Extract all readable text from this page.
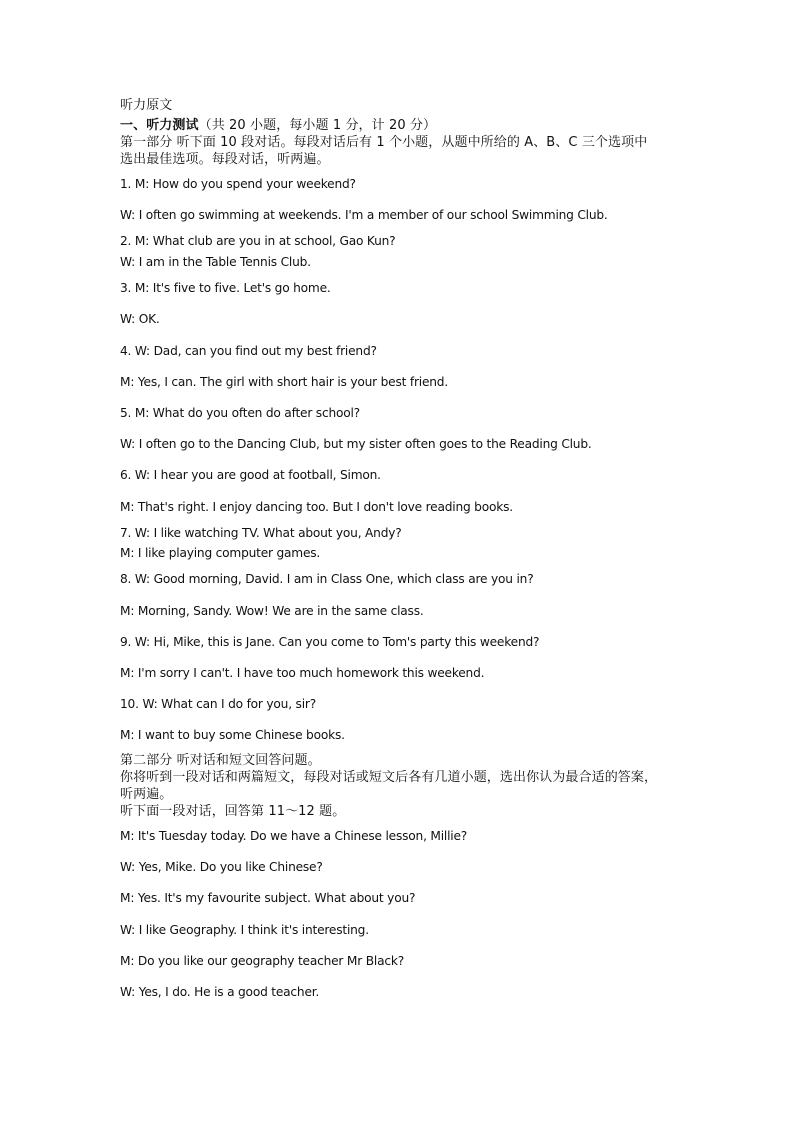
听力原文
一、听力测试（共 20 小题，每小题 1 分，计 20 分）
第一部分 听下面 10 段对话。每段对话后有 1 个小题，从题中所给的 A、B、C 三个选项中
选出最佳选项。每段对话，听两遍。
1. M: How do you spend your weekend?
W: I often go swimming at weekends. I'm a member of our school Swimming Club.
2. M: What club are you in at school, Gao Kun?
W: I am in the Table Tennis Club.
3. M: It's five to five. Let's go home.
W: OK.
4. W: Dad, can you find out my best friend?
M: Yes, I can. The girl with short hair is your best friend.
5. M: What do you often do after school?
W: I often go to the Dancing Club, but my sister often goes to the Reading Club.
6. W: I hear you are good at football, Simon.
M: That's right. I enjoy dancing too. But I don't love reading books.
7. W: I like watching TV. What about you, Andy?
M: I like playing computer games.
8. W: Good morning, David. I am in Class One, which class are you in?
M: Morning, Sandy. Wow! We are in the same class.
9. W: Hi, Mike, this is Jane. Can you come to Tom's party this weekend?
M: I'm sorry I can't. I have too much homework this weekend.
10. W: What can I do for you, sir?
M: I want to buy some Chinese books.
第二部分 听对话和短文回答问题。
你将听到一段对话和两篇短文，每段对话或短文后各有几道小题，选出你认为最合适的答案，
听两遍。
听下面一段对话，回答第 11～12 题。
M: It's Tuesday today. Do we have a Chinese lesson, Millie?
W: Yes, Mike. Do you like Chinese?
M: Yes. It's my favourite subject. What about you?
W: I like Geography. I think it's interesting.
M: Do you like our geography teacher Mr Black?
W: Yes, I do. He is a good teacher.
